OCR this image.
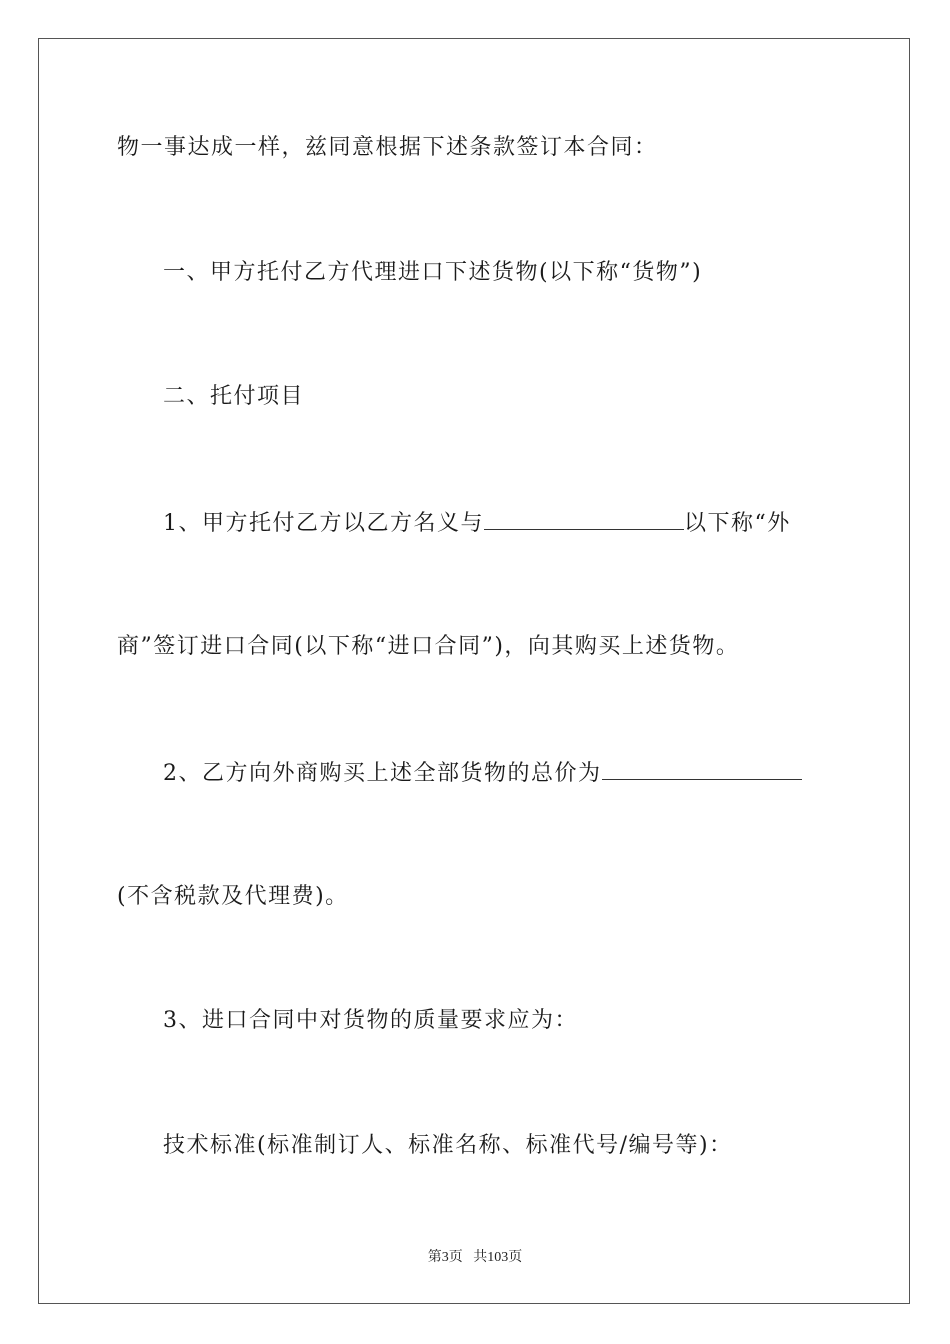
物一事达成一样，兹同意根据下述条款签订本合同：
一、甲方托付乙方代理进口下述货物(以下称“货物”)
二、托付项目
1、甲方托付乙方以乙方名义与	以下称“外
商”签订进口合同(以下称“进口合同”)，向其购买上述货物。
2、乙方向外商购买上述全部货物的总价为
(不含税款及代理费)。
3、进口合同中对货物的质量要求应为：
技术标准(标准制订人、标准名称、标准代号/编号等)：
第3页 共103页
